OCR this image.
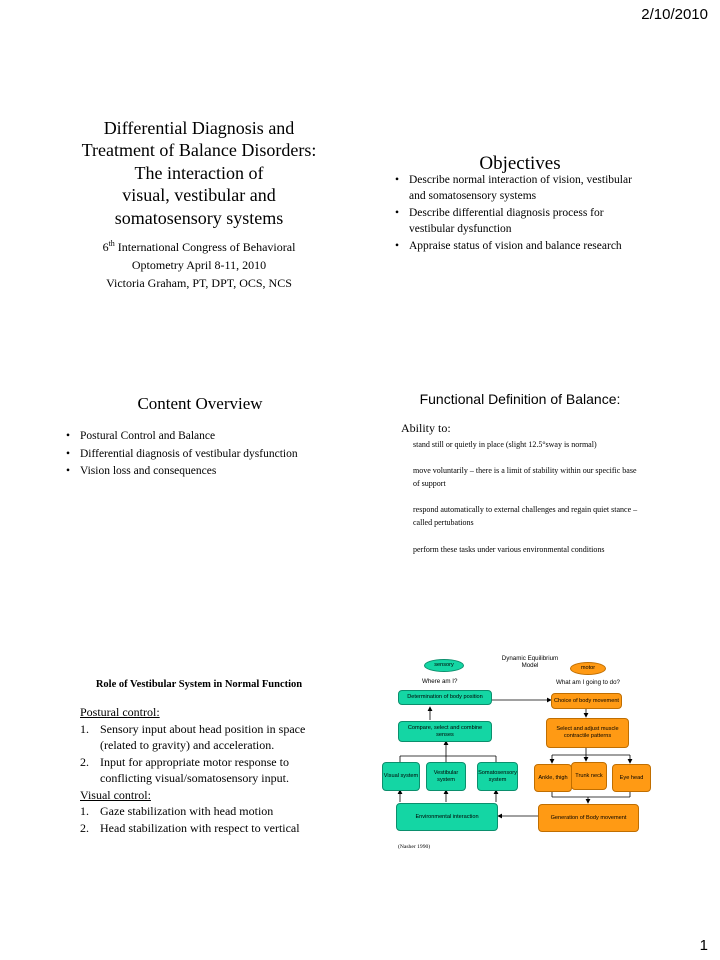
2/10/2010
Differential Diagnosis and
Treatment of Balance Disorders:
The interaction of
visual, vestibular and
somatosensory systems
6th International Congress of Behavioral
Optometry April 8-11, 2010
Victoria Graham, PT, DPT, OCS, NCS
Objectives
• Describe normal interaction of vision, vestibular and somatosensory systems
• Describe differential diagnosis process for vestibular dysfunction
• Appraise status of vision and balance research
Content Overview
• Postural Control and Balance
• Differential diagnosis of vestibular dysfunction
• Vision loss and consequences
Functional Definition of Balance:
Ability to:
stand still or quietly in place (slight 12.5°sway is normal)
move voluntarily – there is a limit of stability within our specific base of support
respond automatically to external challenges and regain quiet stance – called pertubations
perform these tasks under various environmental conditions
Role of Vestibular System in Normal Function
Postural control:
1. Sensory input about head position in space (related to gravity) and acceleration.
2. Input for appropriate motor response to conflicting visual/somatosensory input.
Visual control:
1. Gaze stabilization with head motion
2. Head stabilization with respect to vertical
Dynamic Equilibrium
Model
sensory	motor
Where am I?	What am I going to do?
Determination of body position
Choice of body movement
Compare, select and combine senses
Select and adjust muscle contractile patterns
Visual system
Vestibular system
Somatosensory system	Ankle, thigh	Trunk neck	Eye head
Environmental interaction	Generation of Body movement
(Nasher 1990)
1
